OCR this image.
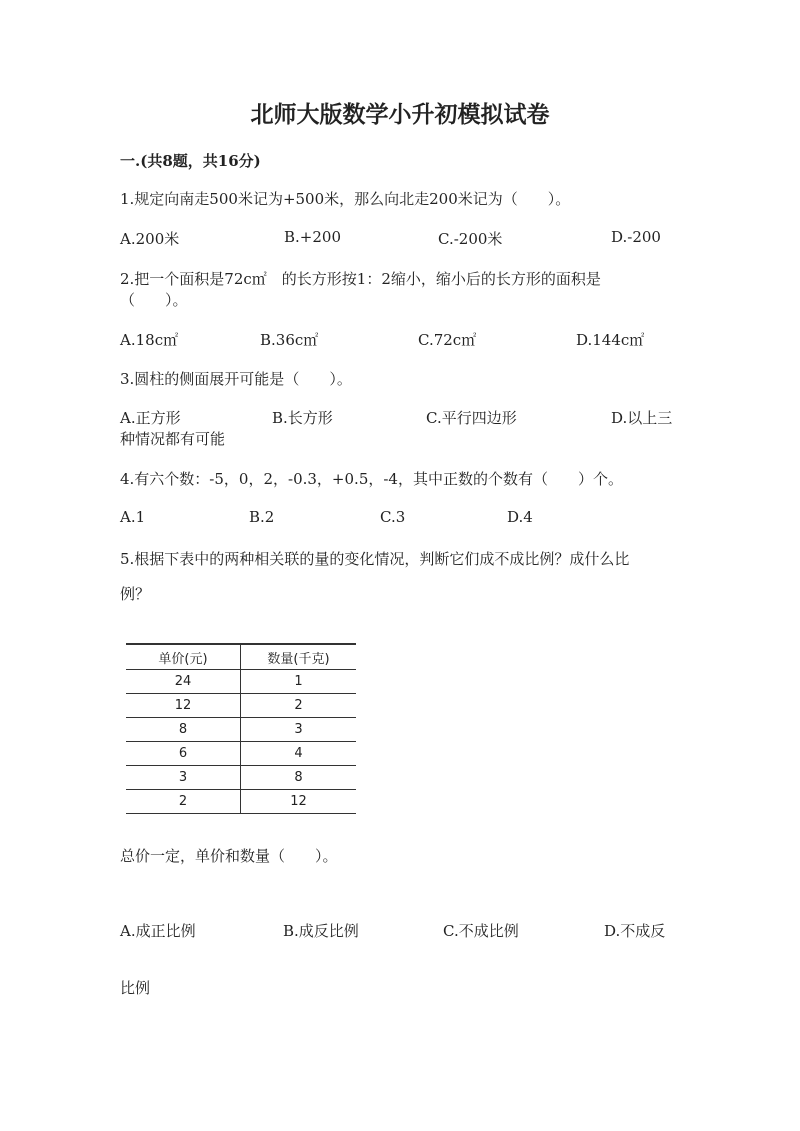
北师大版数学小升初模拟试卷
一.(共8题，共16分)
1.规定向南走500米记为+500米，那么向北走200米记为（　　）。
A.200米	B.+200	C.-200米	D.-200
2.把一个面积是72c㎡　的长方形按1：2缩小，缩小后的长方形的面积是
（　　）。
A.18c㎡	B.36c㎡	C.72c㎡	D.144c㎡
3.圆柱的侧面展开可能是（　　）。
A.正方形	B.长方形	C.平行四边形	D.以上三
种情况都有可能
4.有六个数：-5，0，2，-0.3，+0.5，-4，其中正数的个数有（　　）个。
A.1	B.2	C.3	D.4
5.根据下表中的两种相关联的量的变化情况，判断它们成不成比例？成什么比
例？
单价(元)	数量(千克)
24	1
12	2
8	3
6	4
3	8
2	12
总价一定，单价和数量（　　）。
A.成正比例	B.成反比例	C.不成比例	D.不成反
比例
